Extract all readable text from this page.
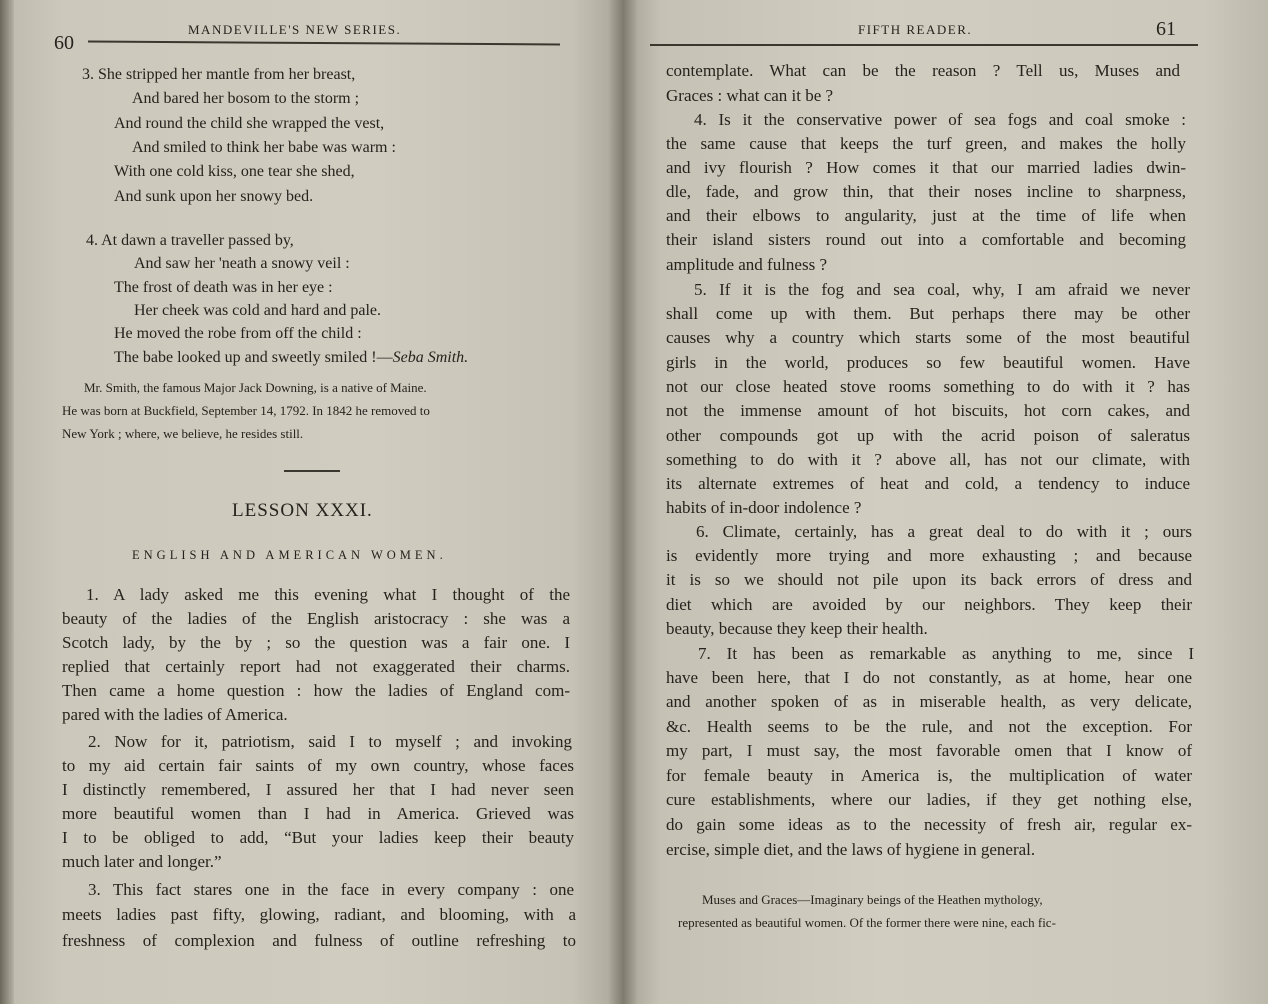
60
MANDEVILLE'S NEW SERIES.
3. She stripped her mantle from her breast,
And bared her bosom to the storm ;
And round the child she wrapped the vest,
And smiled to think her babe was warm :
With one cold kiss, one tear she shed,
And sunk upon her snowy bed.
4. At dawn a traveller passed by,
And saw her 'neath a snowy veil :
The frost of death was in her eye :
Her cheek was cold and hard and pale.
He moved the robe from off the child :
The babe looked up and sweetly smiled !—Seba Smith.
Mr. Smith, the famous Major Jack Downing, is a native of Maine.
He was born at Buckfield, September 14, 1792. In 1842 he removed to
New York ; where, we believe, he resides still.
LESSON XXXI.
ENGLISH AND AMERICAN WOMEN.
1. A lady asked me this evening what I thought of the
beauty of the ladies of the English aristocracy : she was a
Scotch lady, by the by ; so the question was a fair one. I
replied that certainly report had not exaggerated their charms.
Then came a home question : how the ladies of England com-
pared with the ladies of America.
2. Now for it, patriotism, said I to myself ; and invoking
to my aid certain fair saints of my own country, whose faces
I distinctly remembered, I assured her that I had never seen
more beautiful women than I had in America. Grieved was
I to be obliged to add, “But your ladies keep their beauty
much later and longer.”
3. This fact stares one in the face in every company : one
meets ladies past fifty, glowing, radiant, and blooming, with a
freshness of complexion and fulness of outline refreshing to
FIFTH READER.	61
contemplate. What can be the reason ? Tell us, Muses and
Graces : what can it be ?
4. Is it the conservative power of sea fogs and coal smoke :
the same cause that keeps the turf green, and makes the holly
and ivy flourish ? How comes it that our married ladies dwin-
dle, fade, and grow thin, that their noses incline to sharpness,
and their elbows to angularity, just at the time of life when
their island sisters round out into a comfortable and becoming
amplitude and fulness ?
5. If it is the fog and sea coal, why, I am afraid we never
shall come up with them. But perhaps there may be other
causes why a country which starts some of the most beautiful
girls in the world, produces so few beautiful women. Have
not our close heated stove rooms something to do with it ? has
not the immense amount of hot biscuits, hot corn cakes, and
other compounds got up with the acrid poison of saleratus
something to do with it ? above all, has not our climate, with
its alternate extremes of heat and cold, a tendency to induce
habits of in-door indolence ?
6. Climate, certainly, has a great deal to do with it ; ours
is evidently more trying and more exhausting ; and because
it is so we should not pile upon its back errors of dress and
diet which are avoided by our neighbors. They keep their
beauty, because they keep their health.
7. It has been as remarkable as anything to me, since I
have been here, that I do not constantly, as at home, hear one
and another spoken of as in miserable health, as very delicate,
&c. Health seems to be the rule, and not the exception. For
my part, I must say, the most favorable omen that I know of
for female beauty in America is, the multiplication of water
cure establishments, where our ladies, if they get nothing else,
do gain some ideas as to the necessity of fresh air, regular ex-
ercise, simple diet, and the laws of hygiene in general.
Muses and Graces—Imaginary beings of the Heathen mythology,
represented as beautiful women. Of the former there were nine, each fic-
